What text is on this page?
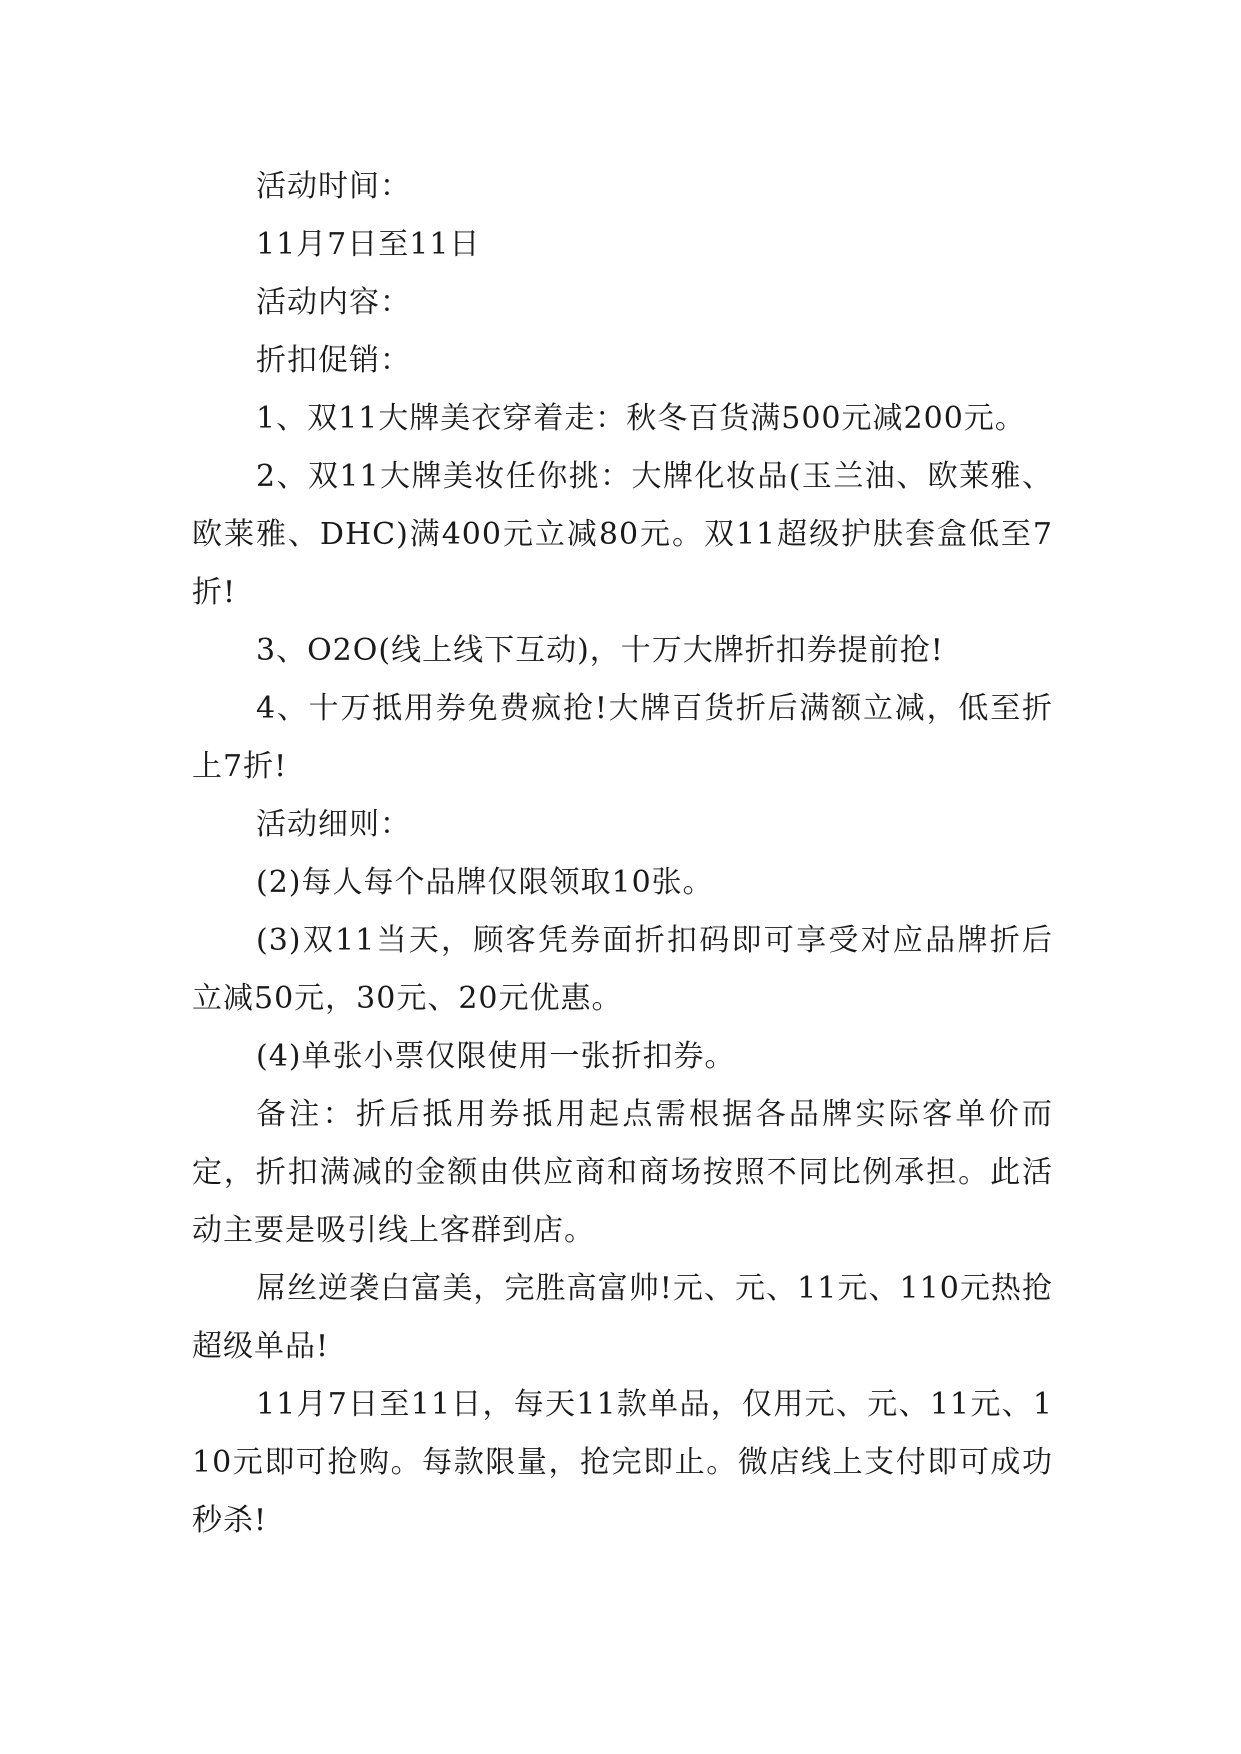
活动时间：

11月7日至11日

活动内容：

折扣促销：

1、双11大牌美衣穿着走：秋冬百货满500元减200元。

2、双11大牌美妆任你挑：大牌化妆品(玉兰油、欧莱雅、欧莱雅、DHC)满400元立减80元。双11超级护肤套盒低至7折!

3、O2O(线上线下互动)，十万大牌折扣券提前抢!

4、十万抵用券免费疯抢!大牌百货折后满额立减，低至折上7折!

活动细则：

(2)每人每个品牌仅限领取10张。

(3)双11当天，顾客凭券面折扣码即可享受对应品牌折后立减50元，30元、20元优惠。

(4)单张小票仅限使用一张折扣券。

备注：折后抵用券抵用起点需根据各品牌实际客单价而定，折扣满减的金额由供应商和商场按照不同比例承担。此活动主要是吸引线上客群到店。

屌丝逆袭白富美，完胜高富帅!元、元、11元、110元热抢超级单品!

11月7日至11日，每天11款单品，仅用元、元、11元、110元即可抢购。每款限量，抢完即止。微店线上支付即可成功秒杀!
